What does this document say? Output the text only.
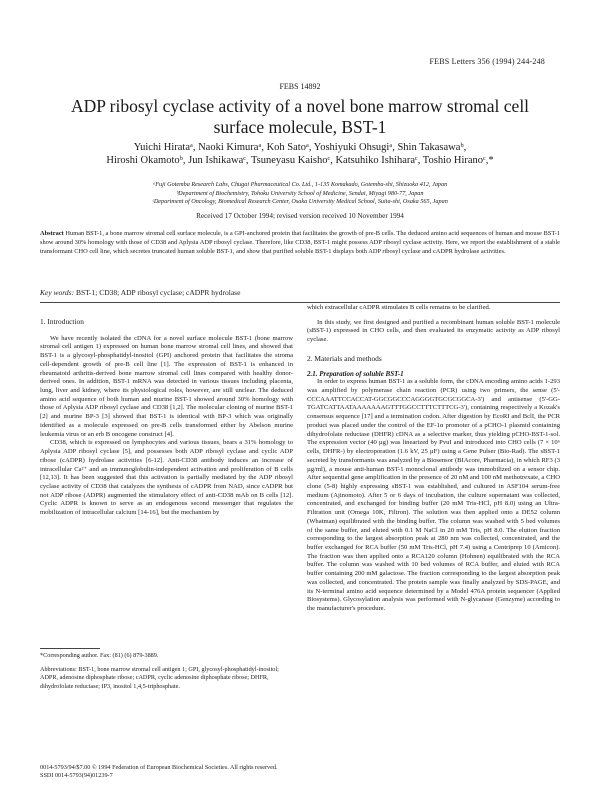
FEBS Letters 356 (1994) 244-248
FEBS 14892
ADP ribosyl cyclase activity of a novel bone marrow stromal cell surface molecule, BST-1
Yuichi Hirataᵃ, Naoki Kimuraᵃ, Koh Satoᵃ, Yoshiyuki Ohsugiᵃ, Shin Takasawaᵇ,
Hiroshi Okamotoᵇ, Jun Ishikawaᶜ, Tsuneyasu Kaishoᶜ, Katsuhiko Ishiharaᶜ, Toshio Hiranoᶜ,*
ᵃFuji Gotemba Research Labs, Chugai Pharmaceutical Co. Ltd., 1-135 Komakado, Gotemba-shi, Shizuoka 412, Japan
ᵇDepartment of Biochemistry, Tohoku University School of Medicine, Sendai, Miyagi 980-77, Japan
ᶜDepartment of Oncology, Biomedical Research Center, Osaka University Medical School, Suita-shi, Osaka 565, Japan
Received 17 October 1994; revised version received 10 November 1994
Abstract Human BST-1, a bone marrow stromal cell surface molecule, is a GPI-anchored protein that facilitates the growth of pre-B cells. The deduced amino acid sequences of human and mouse BST-1 show around 30% homology with those of CD38 and Aplysia ADP ribosyl cyclase. Therefore, like CD38, BST-1 might possess ADP ribosyl cyclase activity. Here, we report the establishment of a stable transformant CHO cell line, which secretes truncated human soluble BST-1, and show that purified soluble BST-1 displays both ADP ribosyl cyclase and cADPR hydrolase activities.
Key words: BST-1; CD38; ADP ribosyl cyclase; cADPR hydrolase
1. Introduction

We have recently isolated the cDNA for a novel surface molecule BST-1 (bone marrow stromal cell antigen 1) expressed on human bone marrow stromal cell lines, and showed that BST-1 is a glycosyl-phosphatidyl-inositol (GPI) anchored protein that facilitates the stroma cell-dependent growth of pre-B cell line [1]. The expression of BST-1 is enhanced in rheumatoid arthritis-derived bone marrow stromal cell lines compared with healthy donor-derived ones. In addition, BST-1 mRNA was detected in various tissues including placenta, lung, liver and kidney, where its physiological roles, however, are still unclear. The deduced amino acid sequence of both human and murine BST-1 showed around 30% homology with those of Aplysia ADP ribosyl cyclase and CD38 [1,2]. The molecular cloning of murine BST-1 [2] and murine BP-3 [3] showed that BST-1 is identical with BP-3 which was originally identified as a molecule expressed on pre-B cells transformed either by Abelson murine leukemia virus or an erb B oncogene construct [4].

CD38, which is expressed on lymphocytes and various tissues, bears a 31% homology to Aplysia ADP ribosyl cyclase [5], and possesses both ADP ribosyl cyclase and cyclic ADP ribose (cADPR) hydrolase activities [6-12]. Anti-CD38 antibody induces an increase of intracellular Ca²⁺ and an immunoglobulin-independent activation and proliferation of B cells [12,13]. It has been suggested that this activation is partially mediated by the ADP ribosyl cyclase activity of CD38 that catalyzes the synthesis of cADPR from NAD, since cADPR but not ADP ribose (ADPR) augmented the stimulatory effect of anti-CD38 mAb on B cells [12]. Cyclic ADPR is known to serve as an endogenous second messenger that regulates the mobilization of intracellular calcium [14-16], but the mechanism by

*Corresponding author. Fax: (81) (6) 879-3889.

Abbreviations: BST-1, bone marrow stromal cell antigen 1; GPI, glycosyl-phosphatidyl-inositol; ADPR, adenosine diphosphate ribose; cADPR, cyclic adenosine diphosphate ribose; DHFR, dihydrofolate reductase; IP3, inositol 1,4,5-triphosphate.

0014-5793/94/$7.00 © 1994 Federation of European Biochemical Societies. All rights reserved.

SSDI 0014-5793(94)01239-7

which extracellular cADPR stimulates B cells remains to be clarified.

In this study, we first designed and purified a recombinant human soluble BST-1 molecule (sBST-1) expressed in CHO cells, and then evaluated its enzymatic activity as ADP ribosyl cyclase.

2. Materials and methods
2.1. Preparation of soluble BST-1

In order to express human BST-1 as a soluble form, the cDNA encoding amino acids 1-293 was amplified by polymerase chain reaction (PCR) using two primers, the sense (5'-CCCAAATTCCACCAT-GGCGGCCCAGGGGTGCGCGGCA-3') and antisense (5'-GG-TGATCATTAATAAAAAAAGTTTGGCCTTTCTTTCG-3'), containing respectively a Kozak's consensus sequence [17] and a termination codon. After digestion by EcoRI and BclI, the PCR product was placed under the control of the EF-1α promoter of a pCHO-1 plasmid containing dihydrofolate reductase (DHFR) cDNA as a selective marker, thus yielding pCHO-BST-1-sol. The expression vector (40 µg) was linearized by PvuI and introduced into CHO cells (7 × 10⁶ cells, DHFR-) by electroporation (1.6 kV, 25 µF) using a Gene Pulser (Bio-Rad). The sBST-1 secreted by transformants was analyzed by a Biosensor (BIAcore, Pharmacia), in which RF3 (3 µg/ml), a mouse anti-human BST-1 monoclonal antibody was immobilized on a sensor chip. After sequential gene amplification in the presence of 20 nM and 100 nM methotrexate, a CHO clone (5-8) highly expressing sBST-1 was established, and cultured in ASF104 serum-free medium (Ajinomoto). After 5 or 6 days of incubation, the culture supernatant was collected, concentrated, and exchanged for binding buffer (20 mM Tris-HCl, pH 8.0) using an Ultra-Filtration unit (Omega 10K, Filtron). The solution was then applied onto a DE52 column (Whatman) equilibrated with the binding buffer. The column was washed with 5 bed volumes of the same buffer, and eluted with 0.1 M NaCl in 20 mM Tris, pH 8.0. The elution fraction corresponding to the largest absorption peak at 280 nm was collected, concentrated, and the buffer exchanged for RCA buffer (50 mM Tris-HCl, pH 7.4) using a Centriprep 10 (Amicon). The fraction was then applied onto a RCA120 column (Hohnen) equilibrated with the RCA buffer. The column was washed with 10 bed volumes of RCA buffer, and eluted with RCA buffer containing 200 mM galactose. The fraction corresponding to the largest absorption peak was collected, and concentrated. The protein sample was finally analyzed by SDS-PAGE, and its N-terminal amino acid sequence determined by a Model 476A protein sequencer (Applied Biosystems). Glycosylation analysis was performed with N-glycanase (Genzyme) according to the manufacturer's procedure.
